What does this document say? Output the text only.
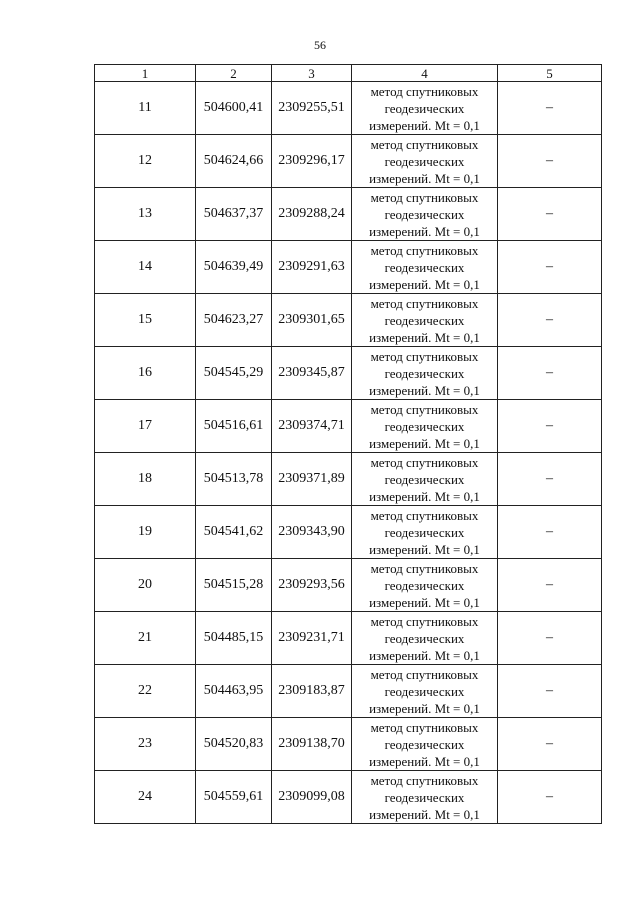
56
1	2	3	4	5
11	504600,41	2309255,51	метод спутниковых
геодезических
измерений. Mt = 0,1	–
12	504624,66	2309296,17	метод спутниковых
геодезических
измерений. Mt = 0,1	–
13	504637,37	2309288,24	метод спутниковых
геодезических
измерений. Mt = 0,1	–
14	504639,49	2309291,63	метод спутниковых
геодезических
измерений. Mt = 0,1	–
15	504623,27	2309301,65	метод спутниковых
геодезических
измерений. Mt = 0,1	–
16	504545,29	2309345,87	метод спутниковых
геодезических
измерений. Mt = 0,1	–
17	504516,61	2309374,71	метод спутниковых
геодезических
измерений. Mt = 0,1	–
18	504513,78	2309371,89	метод спутниковых
геодезических
измерений. Mt = 0,1	–
19	504541,62	2309343,90	метод спутниковых
геодезических
измерений. Mt = 0,1	–
20	504515,28	2309293,56	метод спутниковых
геодезических
измерений. Mt = 0,1	–
21	504485,15	2309231,71	метод спутниковых
геодезических
измерений. Mt = 0,1	–
22	504463,95	2309183,87	метод спутниковых
геодезических
измерений. Mt = 0,1	–
23	504520,83	2309138,70	метод спутниковых
геодезических
измерений. Mt = 0,1	–
24	504559,61	2309099,08	метод спутниковых
геодезических
измерений. Mt = 0,1	–
